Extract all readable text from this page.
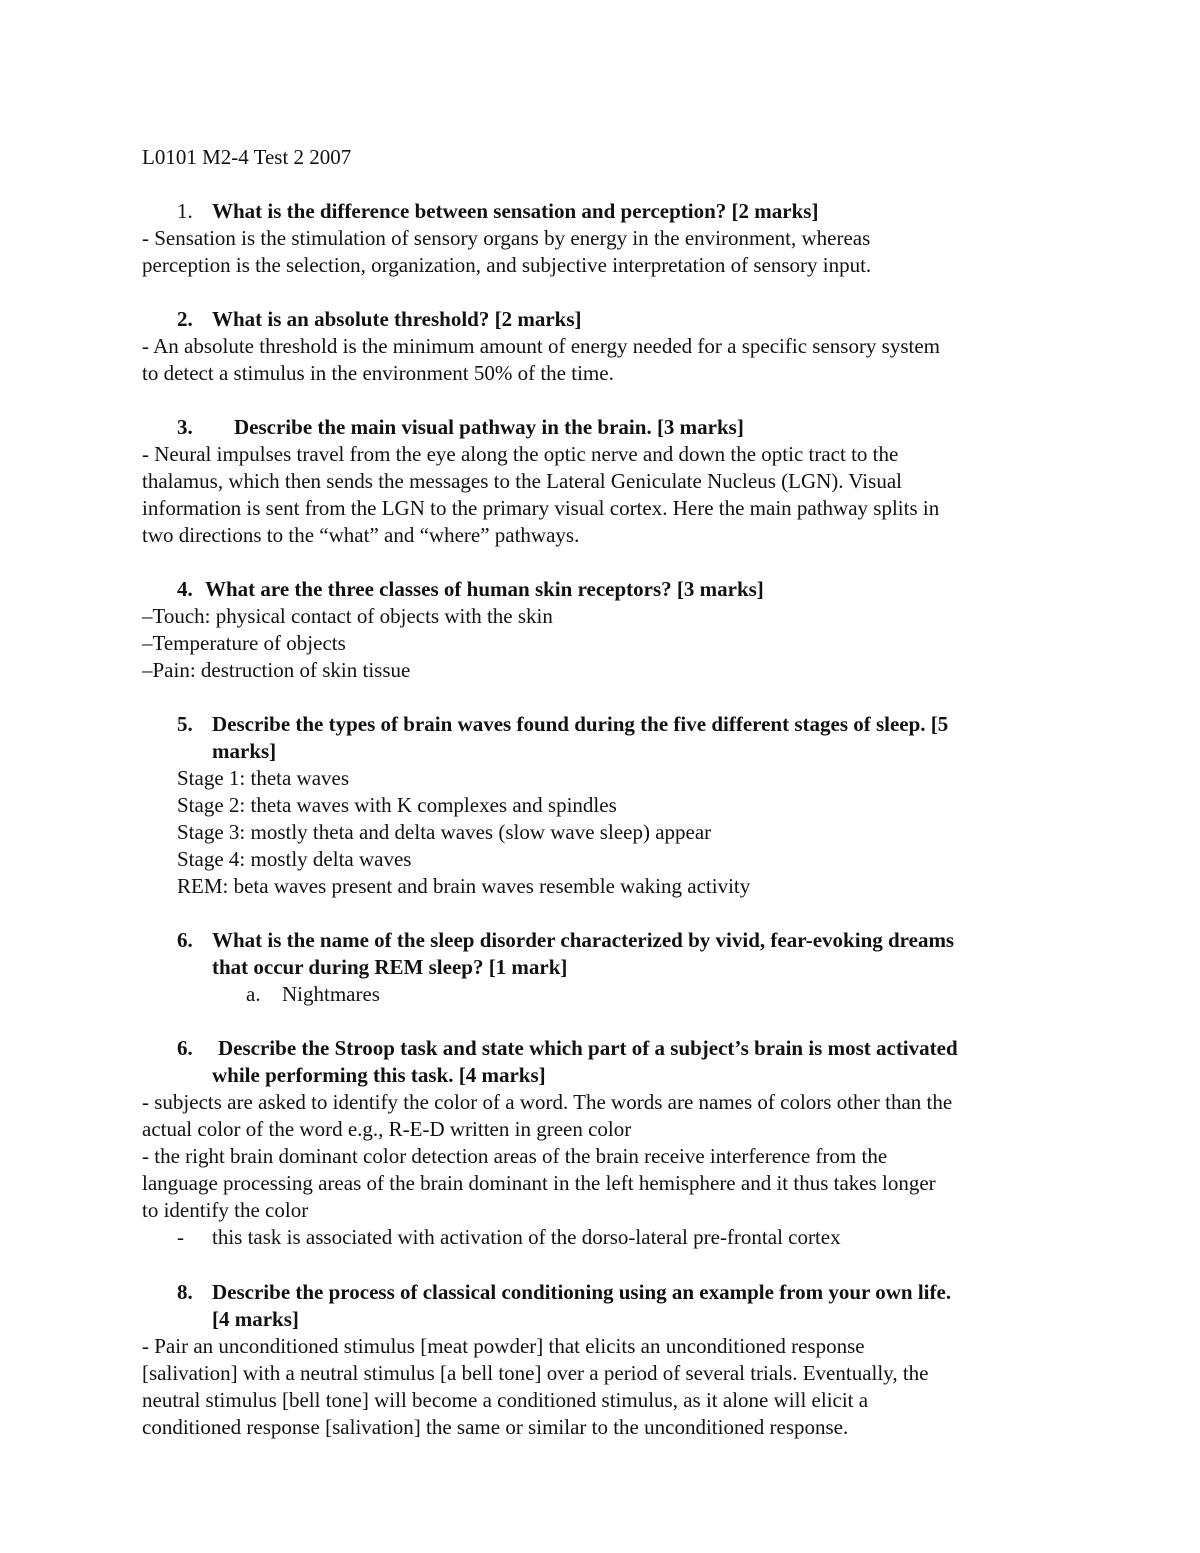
L0101 M2-4 Test 2 2007
1. What is the difference between sensation and perception? [2 marks]
- Sensation is the stimulation of sensory organs by energy in the environment, whereas
perception is the selection, organization, and subjective interpretation of sensory input.
2. What is an absolute threshold? [2 marks]
- An absolute threshold is the minimum amount of energy needed for a specific sensory system
to detect a stimulus in the environment 50% of the time.
3. Describe the main visual pathway in the brain. [3 marks]
- Neural impulses travel from the eye along the optic nerve and down the optic tract to the
thalamus, which then sends the messages to the Lateral Geniculate Nucleus (LGN). Visual
information is sent from the LGN to the primary visual cortex. Here the main pathway splits in
two directions to the “what” and “where” pathways.
4. What are the three classes of human skin receptors? [3 marks]
–Touch: physical contact of objects with the skin
–Temperature of objects
–Pain: destruction of skin tissue
5. Describe the types of brain waves found during the five different stages of sleep. [5
marks]
Stage 1: theta waves
Stage 2: theta waves with K complexes and spindles
Stage 3: mostly theta and delta waves (slow wave sleep) appear
Stage 4: mostly delta waves
REM: beta waves present and brain waves resemble waking activity
6. What is the name of the sleep disorder characterized by vivid, fear-evoking dreams
that occur during REM sleep? [1 mark]
a. Nightmares
6. Describe the Stroop task and state which part of a subject’s brain is most activated
while performing this task. [4 marks]
- subjects are asked to identify the color of a word. The words are names of colors other than the
actual color of the word e.g., R-E-D written in green color
- the right brain dominant color detection areas of the brain receive interference from the
language processing areas of the brain dominant in the left hemisphere and it thus takes longer
to identify the color
- this task is associated with activation of the dorso-lateral pre-frontal cortex
8. Describe the process of classical conditioning using an example from your own life.
[4 marks]
- Pair an unconditioned stimulus [meat powder] that elicits an unconditioned response
[salivation] with a neutral stimulus [a bell tone] over a period of several trials. Eventually, the
neutral stimulus [bell tone] will become a conditioned stimulus, as it alone will elicit a
conditioned response [salivation] the same or similar to the unconditioned response.
